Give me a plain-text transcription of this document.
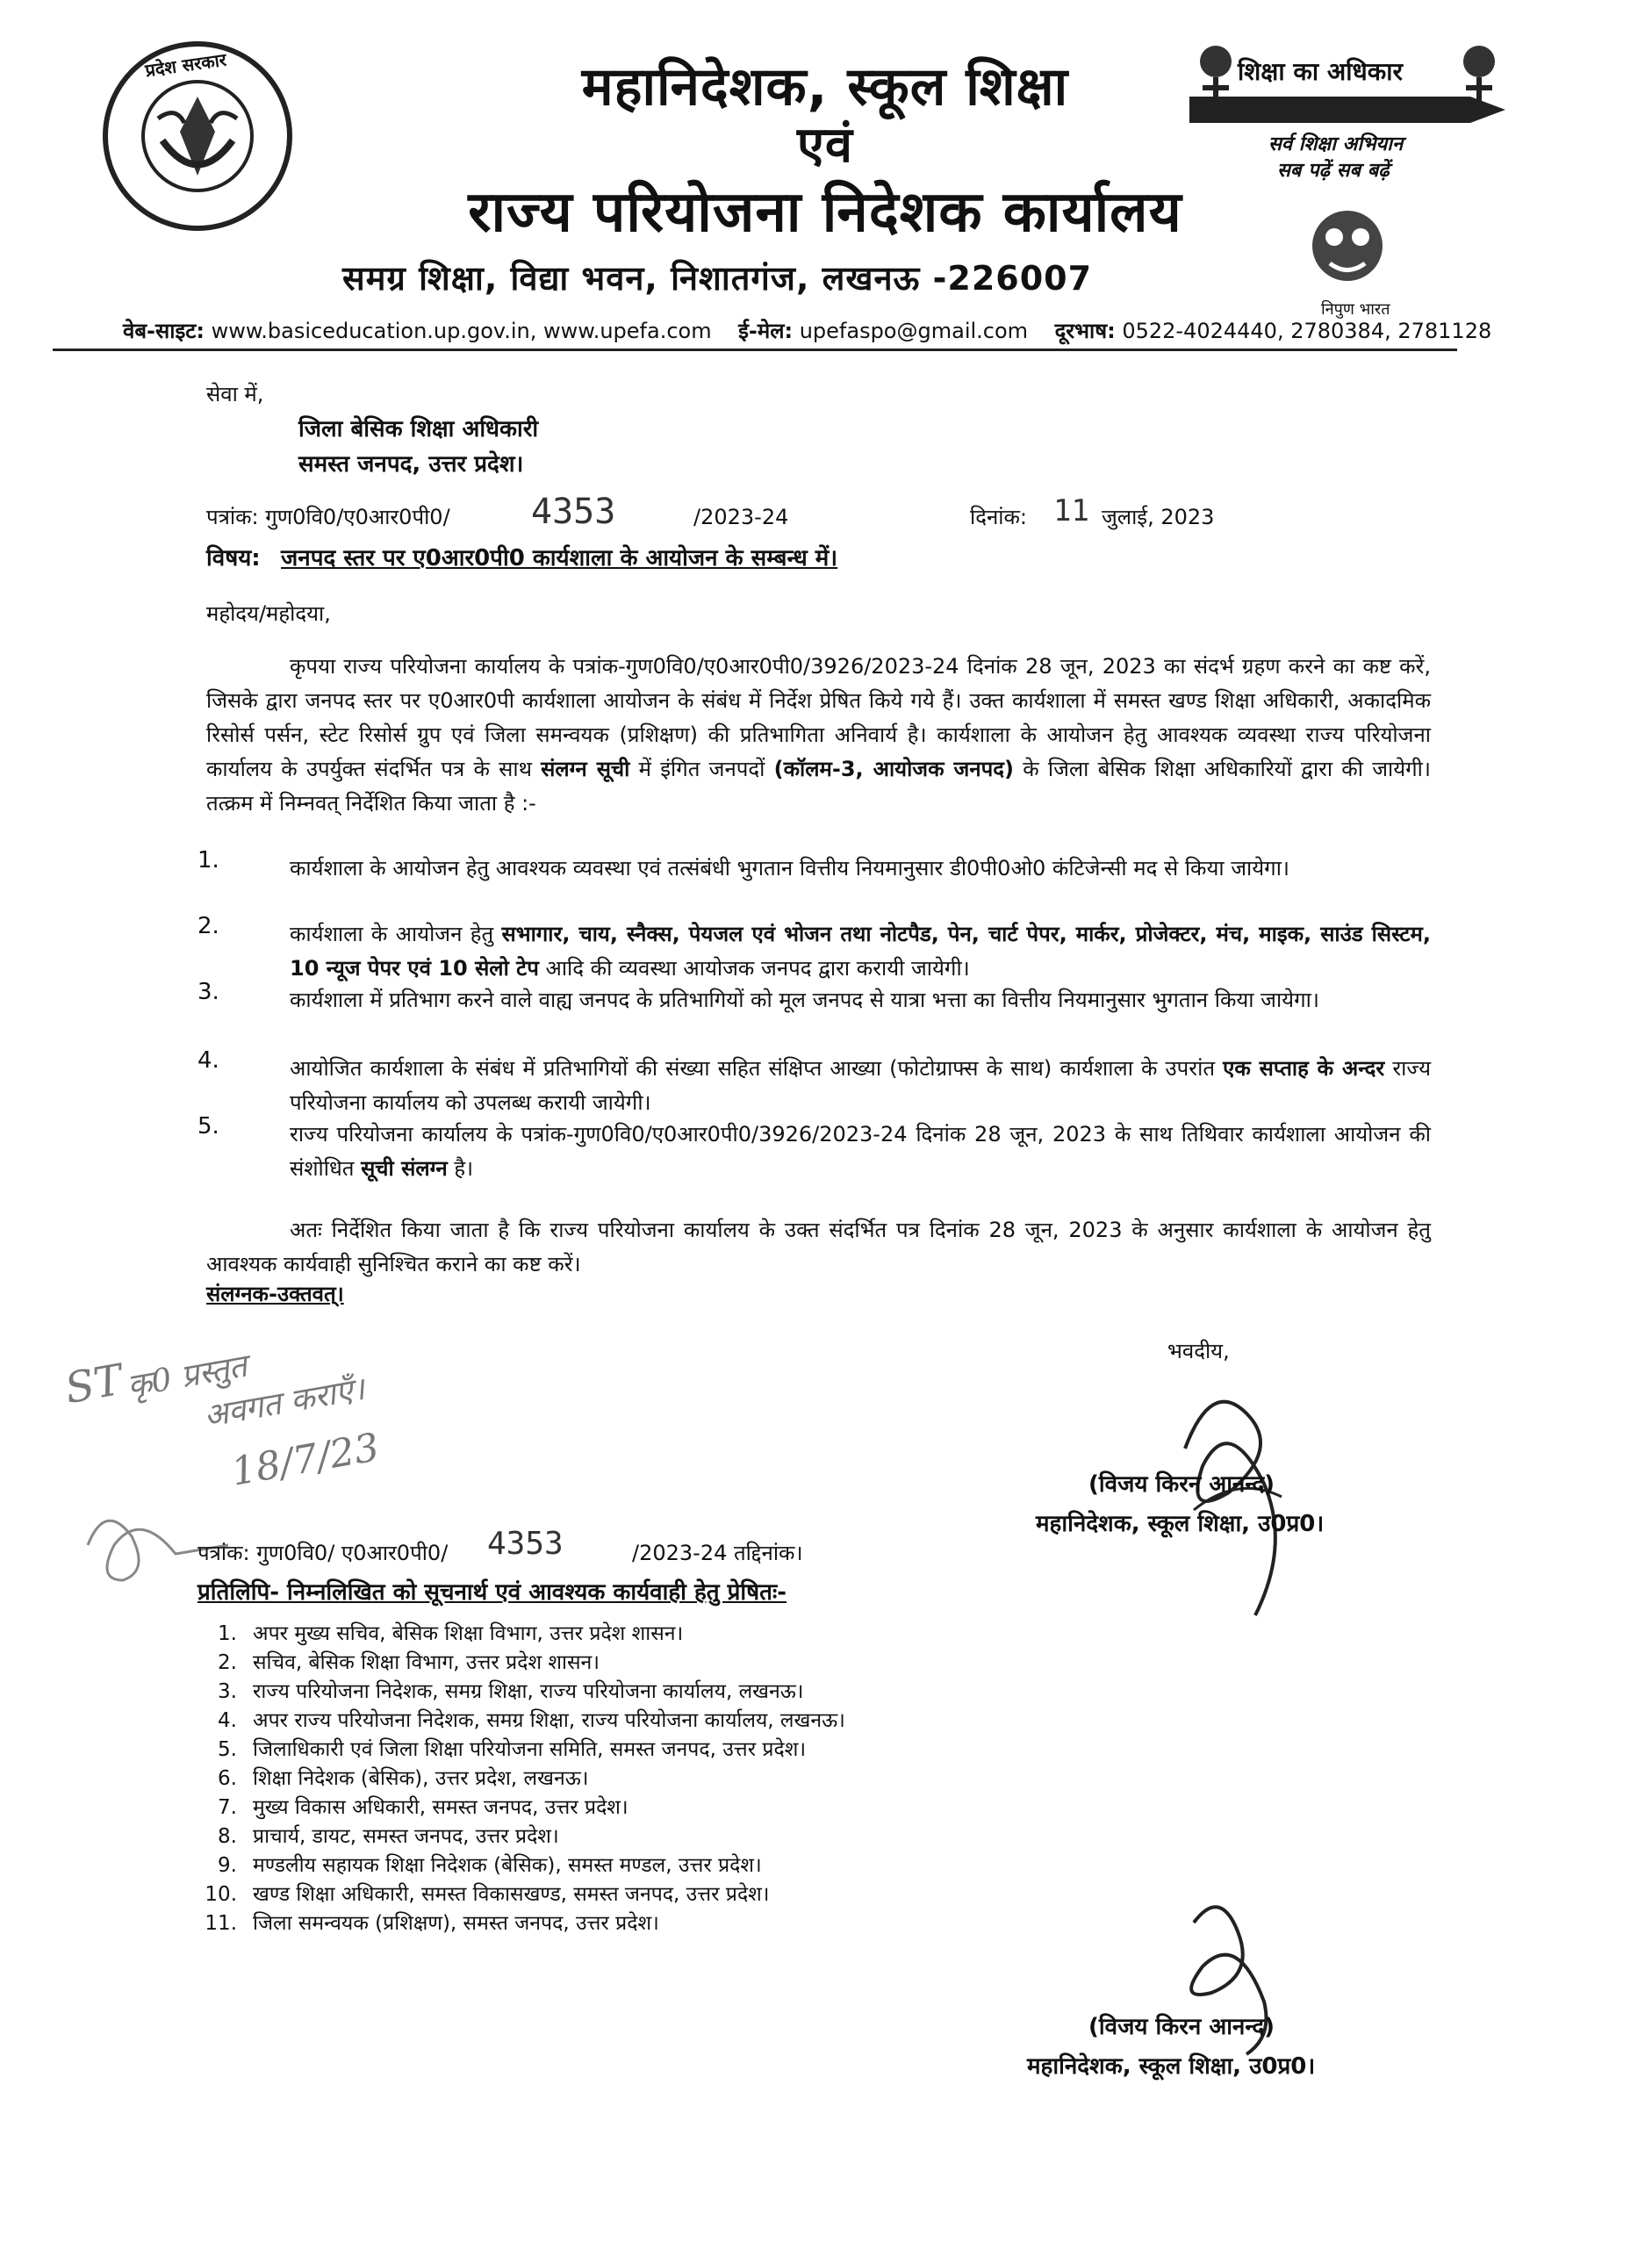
प्रदेश सरकार	महानिदेशक, स्कूल शिक्षा
एवं
राज्य परियोजना निदेशक कार्यालय
समग्र शिक्षा, विद्या भवन, निशातगंज, लखनऊ -226007
शिक्षा का अधिकार
सर्व शिक्षा अभियान
सब पढ़ें सब बढ़ें
निपुण भारत
वेब-साइट: www.basiceducation.up.gov.in, www.upefa.com ई-मेल: upefaspo@gmail.com दूरभाष: 0522-4024440, 2780384, 2781128
सेवा में,
जिला बेसिक शिक्षा अधिकारी
समस्त जनपद, उत्तर प्रदेश।
पत्रांक: गुण0वि0/ए0आर0पी0/ 4353	/2023-24	दिनांक: 11 जुलाई, 2023
विषय: जनपद स्तर पर ए0आर0पी0 कार्यशाला के आयोजन के सम्बन्ध में।
महोदय/महोदया,
कृपया राज्य परियोजना कार्यालय के पत्रांक-गुण0वि0/ए0आर0पी0/3926/2023-24 दिनांक 28 जून, 2023 का संदर्भ ग्रहण करने का कष्ट करें, जिसके द्वारा जनपद स्तर पर ए0आर0पी कार्यशाला आयोजन के संबंध में निर्देश प्रेषित किये गये हैं। उक्त कार्यशाला में समस्त खण्ड शिक्षा अधिकारी, अकादमिक रिसोर्स पर्सन, स्टेट रिसोर्स ग्रुप एवं जिला समन्वयक (प्रशिक्षण) की प्रतिभागिता अनिवार्य है। कार्यशाला के आयोजन हेतु आवश्यक व्यवस्था राज्य परियोजना कार्यालय के उपर्युक्त संदर्भित पत्र के साथ संलग्न सूची में इंगित जनपदों (कॉलम-3, आयोजक जनपद) के जिला बेसिक शिक्षा अधिकारियों द्वारा की जायेगी। तत्क्रम में निम्नवत् निर्देशित किया जाता है :-
1.	कार्यशाला के आयोजन हेतु आवश्यक व्यवस्था एवं तत्संबंधी भुगतान वित्तीय नियमानुसार डी0पी0ओ0 कंटिजेन्सी मद से किया जायेगा।
2.	कार्यशाला के आयोजन हेतु सभागार, चाय, स्नैक्स, पेयजल एवं भोजन तथा नोटपैड, पेन, चार्ट पेपर, मार्कर, प्रोजेक्टर, मंच, माइक, साउंड सिस्टम, 10 न्यूज पेपर एवं 10 सेलो टेप आदि की व्यवस्था आयोजक जनपद द्वारा करायी जायेगी।
3.	कार्यशाला में प्रतिभाग करने वाले वाह्य जनपद के प्रतिभागियों को मूल जनपद से यात्रा भत्ता का वित्तीय नियमानुसार भुगतान किया जायेगा।
4.	आयोजित कार्यशाला के संबंध में प्रतिभागियों की संख्या सहित संक्षिप्त आख्या (फोटोग्राफ्स के साथ) कार्यशाला के उपरांत एक सप्ताह के अन्दर राज्य परियोजना कार्यालय को उपलब्ध करायी जायेगी।
5.	राज्य परियोजना कार्यालय के पत्रांक-गुण0वि0/ए0आर0पी0/3926/2023-24 दिनांक 28 जून, 2023 के साथ तिथिवार कार्यशाला आयोजन की संशोधित सूची संलग्न है।
अतः निर्देशित किया जाता है कि राज्य परियोजना कार्यालय के उक्त संदर्भित पत्र दिनांक 28 जून, 2023 के अनुसार कार्यशाला के आयोजन हेतु आवश्यक कार्यवाही सुनिश्चित कराने का कष्ट करें।
संलग्नक-उक्तवत्।
भवदीय,
(विजय किरन आनन्द)
महानिदेशक, स्कूल शिक्षा, उ0प्र0।
ST
कृ0 प्रस्तुत
अवगत कराएँ।
18/7/23
पत्रांक: गुण0वि0/ ए0आर0पी0/ 4353	/2023-24 तद्दिनांक।
प्रतिलिपि- निम्नलिखित को सूचनार्थ एवं आवश्यक कार्यवाही हेतु प्रेषितः-
1. अपर मुख्य सचिव, बेसिक शिक्षा विभाग, उत्तर प्रदेश शासन।
2. सचिव, बेसिक शिक्षा विभाग, उत्तर प्रदेश शासन।
3. राज्य परियोजना निदेशक, समग्र शिक्षा, राज्य परियोजना कार्यालय, लखनऊ।
4. अपर राज्य परियोजना निदेशक, समग्र शिक्षा, राज्य परियोजना कार्यालय, लखनऊ।
5. जिलाधिकारी एवं जिला शिक्षा परियोजना समिति, समस्त जनपद, उत्तर प्रदेश।
6. शिक्षा निदेशक (बेसिक), उत्तर प्रदेश, लखनऊ।
7. मुख्य विकास अधिकारी, समस्त जनपद, उत्तर प्रदेश।
8. प्राचार्य, डायट, समस्त जनपद, उत्तर प्रदेश।
9. मण्डलीय सहायक शिक्षा निदेशक (बेसिक), समस्त मण्डल, उत्तर प्रदेश।
10. खण्ड शिक्षा अधिकारी, समस्त विकासखण्ड, समस्त जनपद, उत्तर प्रदेश।
11. जिला समन्वयक (प्रशिक्षण), समस्त जनपद, उत्तर प्रदेश।
(विजय किरन आनन्द)
महानिदेशक, स्कूल शिक्षा, उ0प्र0।
